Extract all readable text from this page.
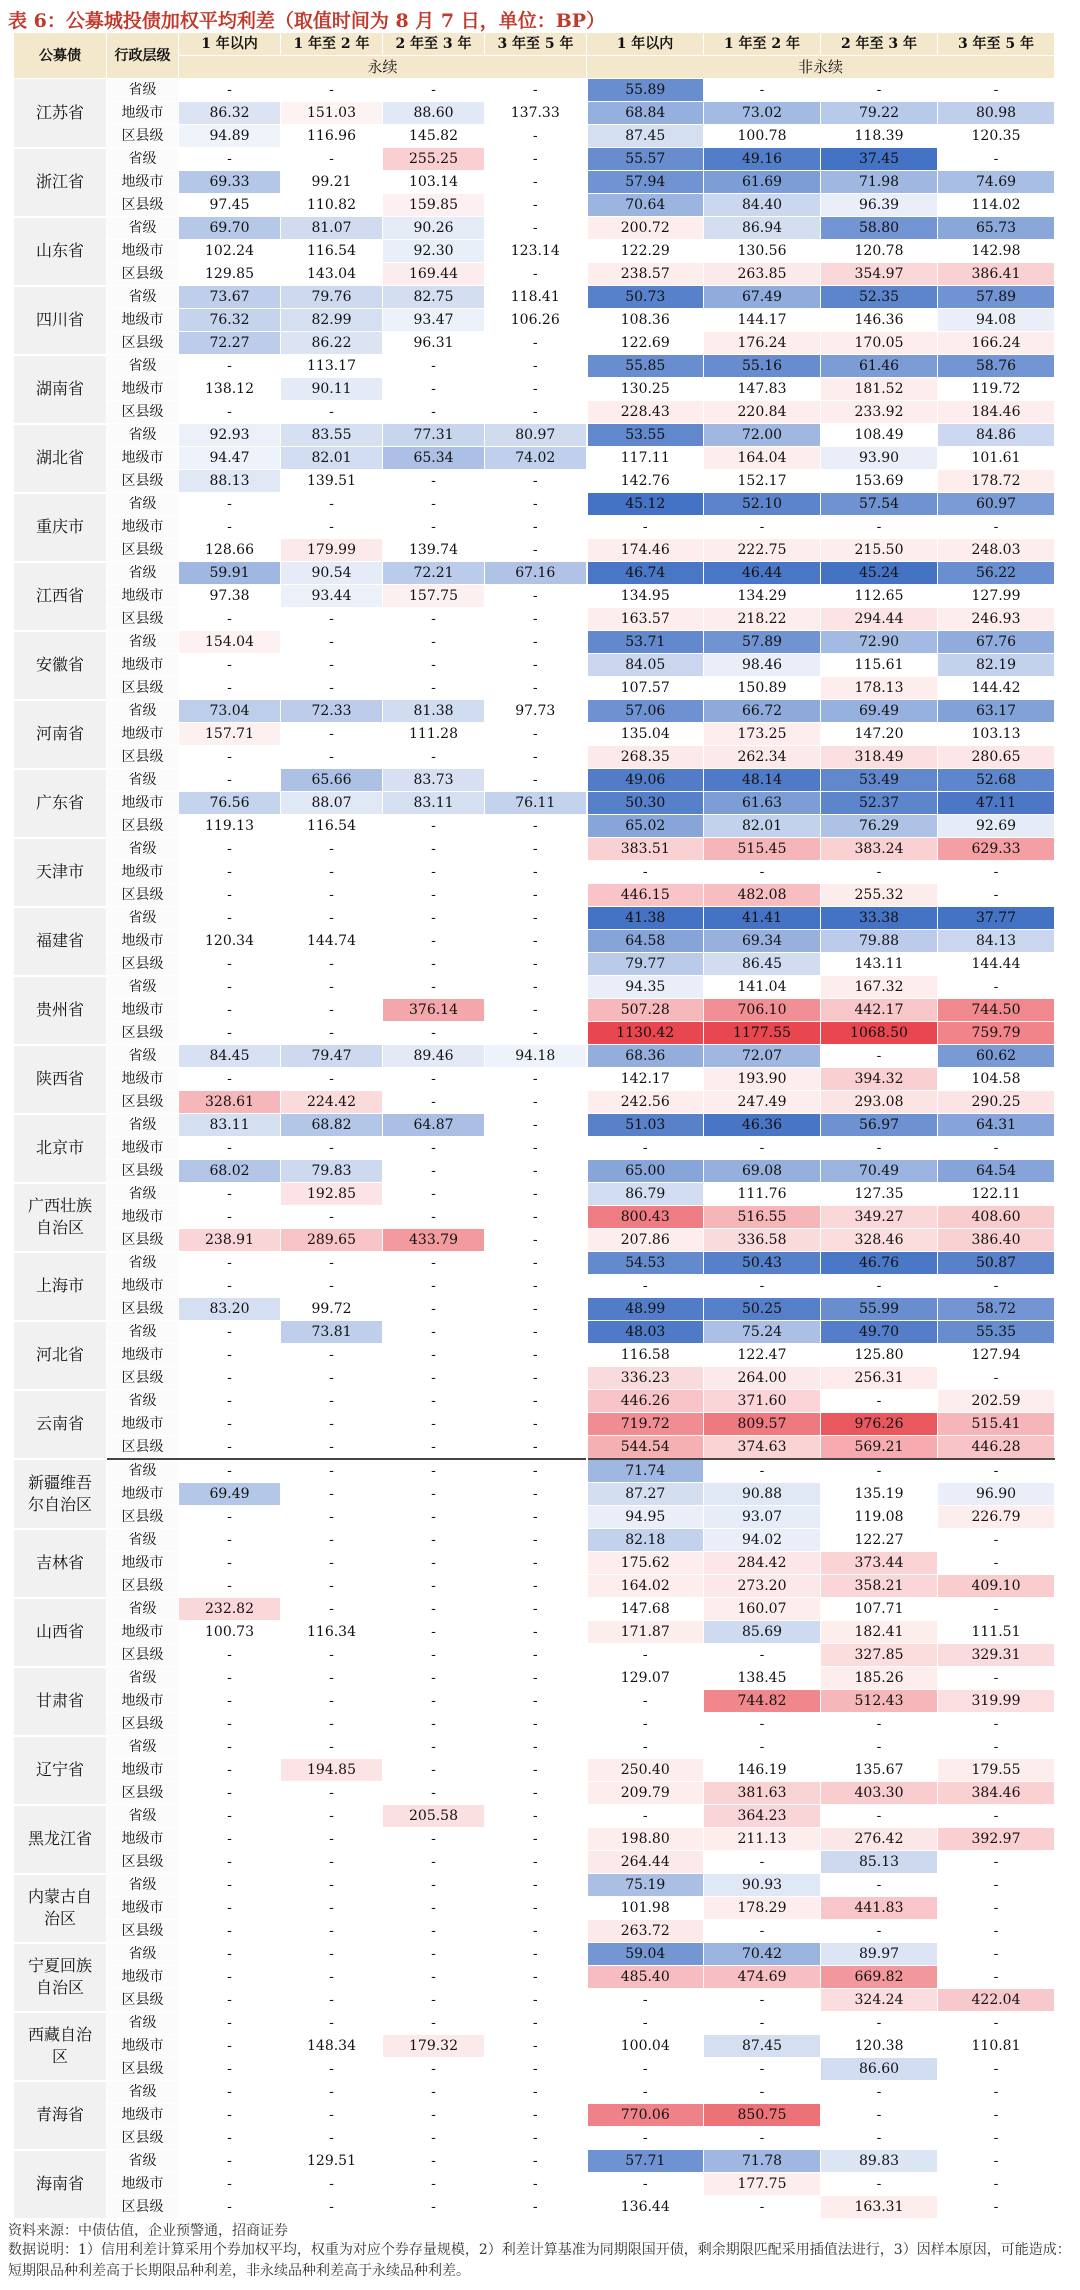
表 6：公募城投债加权平均利差（取值时间为 8 月 7 日，单位：BP）
公募债	行政层级	1 年以内	1 年至 2 年	2 年至 3 年	3 年至 5 年	1 年以内	1 年至 2 年	2 年至 3 年	3 年至 5 年
		永续				非永续			

江苏省	省级	-	-	-	-	55.89	-	-	-
	地级市	86.32	151.03	88.60	137.33	68.84	73.02	79.22	80.98
	区县级	94.89	116.96	145.82	-	87.45	100.78	118.39	120.35

浙江省	省级	-	-	255.25	-	55.57	49.16	37.45	-
	地级市	69.33	99.21	103.14	-	57.94	61.69	71.98	74.69
	区县级	97.45	110.82	159.85	-	70.64	84.40	96.39	114.02

山东省	省级	69.70	81.07	90.26	-	200.72	86.94	58.80	65.73
	地级市	102.24	116.54	92.30	123.14	122.29	130.56	120.78	142.98
	区县级	129.85	143.04	169.44	-	238.57	263.85	354.97	386.41

四川省	省级	73.67	79.76	82.75	118.41	50.73	67.49	52.35	57.89
	地级市	76.32	82.99	93.47	106.26	108.36	144.17	146.36	94.08
	区县级	72.27	86.22	96.31	-	122.69	176.24	170.05	166.24

湖南省	省级	-	113.17	-	-	55.85	55.16	61.46	58.76
	地级市	138.12	90.11	-	-	130.25	147.83	181.52	119.72
	区县级	-	-	-	-	228.43	220.84	233.92	184.46

湖北省	省级	92.93	83.55	77.31	80.97	53.55	72.00	108.49	84.86
	地级市	94.47	82.01	65.34	74.02	117.11	164.04	93.90	101.61
	区县级	88.13	139.51	-	-	142.76	152.17	153.69	178.72

重庆市	省级	-	-	-	-	45.12	52.10	57.54	60.97
	地级市	-	-	-	-	-	-	-	-
	区县级	128.66	179.99	139.74	-	174.46	222.75	215.50	248.03

江西省	省级	59.91	90.54	72.21	67.16	46.74	46.44	45.24	56.22
	地级市	97.38	93.44	157.75	-	134.95	134.29	112.65	127.99
	区县级	-	-	-	-	163.57	218.22	294.44	246.93

安徽省	省级	154.04	-	-	-	53.71	57.89	72.90	67.76
	地级市	-	-	-	-	84.05	98.46	115.61	82.19
	区县级	-	-	-	-	107.57	150.89	178.13	144.42

河南省	省级	73.04	72.33	81.38	97.73	57.06	66.72	69.49	63.17
	地级市	157.71	-	111.28	-	135.04	173.25	147.20	103.13
	区县级	-	-	-	-	268.35	262.34	318.49	280.65

广东省	省级	-	65.66	83.73	-	49.06	48.14	53.49	52.68
	地级市	76.56	88.07	83.11	76.11	50.30	61.63	52.37	47.11
	区县级	119.13	116.54	-	-	65.02	82.01	76.29	92.69

天津市	省级	-	-	-	-	383.51	515.45	383.24	629.33
	地级市	-	-	-	-	-	-	-	-
	区县级	-	-	-	-	446.15	482.08	255.32	-

福建省	省级	-	-	-	-	41.38	41.41	33.38	37.77
	地级市	120.34	144.74	-	-	64.58	69.34	79.88	84.13
	区县级	-	-	-	-	79.77	86.45	143.11	144.44

贵州省	省级	-	-	-	-	94.35	141.04	167.32	-
	地级市	-	-	376.14	-	507.28	706.10	442.17	744.50
	区县级	-	-	-	-	1130.42	1177.55	1068.50	759.79

陕西省	省级	84.45	79.47	89.46	94.18	68.36	72.07	-	60.62
	地级市	-	-	-	-	142.17	193.90	394.32	104.58
	区县级	328.61	224.42	-	-	242.56	247.49	293.08	290.25

北京市	省级	83.11	68.82	64.87	-	51.03	46.36	56.97	64.31
	地级市	-	-	-	-	-	-	-	-
	区县级	68.02	79.83	-	-	65.00	69.08	70.49	64.54

广西壮族
自治区	省级	-	192.85	-	-	86.79	111.76	127.35	122.11
	地级市	-	-	-	-	800.43	516.55	349.27	408.60
	区县级	238.91	289.65	433.79	-	207.86	336.58	328.46	386.40

上海市	省级	-	-	-	-	54.53	50.43	46.76	50.87
	地级市	-	-	-	-	-	-	-	-
	区县级	83.20	99.72	-	-	48.99	50.25	55.99	58.72

河北省	省级	-	73.81	-	-	48.03	75.24	49.70	55.35
	地级市	-	-	-	-	116.58	122.47	125.80	127.94
	区县级	-	-	-	-	336.23	264.00	256.31	-

云南省	省级	-	-	-	-	446.26	371.60	-	202.59
	地级市	-	-	-	-	719.72	809.57	976.26	515.41
	区县级	-	-	-	-	544.54	374.63	569.21	446.28

新疆维吾
尔自治区	省级	-	-	-	-	71.74	-	-	-
	地级市	69.49	-	-	-	87.27	90.88	135.19	96.90
	区县级	-	-	-	-	94.95	93.07	119.08	226.79

吉林省	省级	-	-	-	-	82.18	94.02	122.27	-
	地级市	-	-	-	-	175.62	284.42	373.44	-
	区县级	-	-	-	-	164.02	273.20	358.21	409.10

山西省	省级	232.82	-	-	-	147.68	160.07	107.71	-
	地级市	100.73	116.34	-	-	171.87	85.69	182.41	111.51
	区县级	-	-	-	-	-	-	327.85	329.31

甘肃省	省级	-	-	-	-	129.07	138.45	185.26	-
	地级市	-	-	-	-	-	744.82	512.43	319.99
	区县级	-	-	-	-	-	-	-	-

辽宁省	省级	-	-	-	-	-	-	-	-
	地级市	-	194.85	-	-	250.40	146.19	135.67	179.55
	区县级	-	-	-	-	209.79	381.63	403.30	384.46

黑龙江省	省级	-	-	205.58	-	-	364.23	-	-
	地级市	-	-	-	-	198.80	211.13	276.42	392.97
	区县级	-	-	-	-	264.44	-	85.13	-

内蒙古自
治区	省级	-	-	-	-	75.19	90.93	-	-
	地级市	-	-	-	-	101.98	178.29	441.83	-
	区县级	-	-	-	-	263.72	-	-	-

宁夏回族
自治区	省级	-	-	-	-	59.04	70.42	89.97	-
	地级市	-	-	-	-	485.40	474.69	669.82	-
	区县级	-	-	-	-	-	-	324.24	422.04

西藏自治
区	省级	-	-	-	-	-	-	-	-
	地级市	-	148.34	179.32	-	100.04	87.45	120.38	110.81
	区县级	-	-	-	-	-	-	86.60	-

青海省	省级	-	-	-	-	-	-	-	-
	地级市	-	-	-	-	770.06	850.75	-	-
	区县级	-	-	-	-	-	-	-	-

海南省	省级	-	129.51	-	-	57.71	71.78	89.83	-
	地级市	-	-	-	-	-	177.75	-	-
	区县级	-	-	-	-	136.44	-	163.31	-
资料来源：中债估值，企业预警通，招商证券
数据说明：1）信用利差计算采用个券加权平均，权重为对应个券存量规模，2）利差计算基准为同期限国开债，剩余期限匹配采用插值法进行，3）因样本原因，可能造成：短期限品种利差高于长期限品种利差，非永续品种利差高于永续品种利差。
